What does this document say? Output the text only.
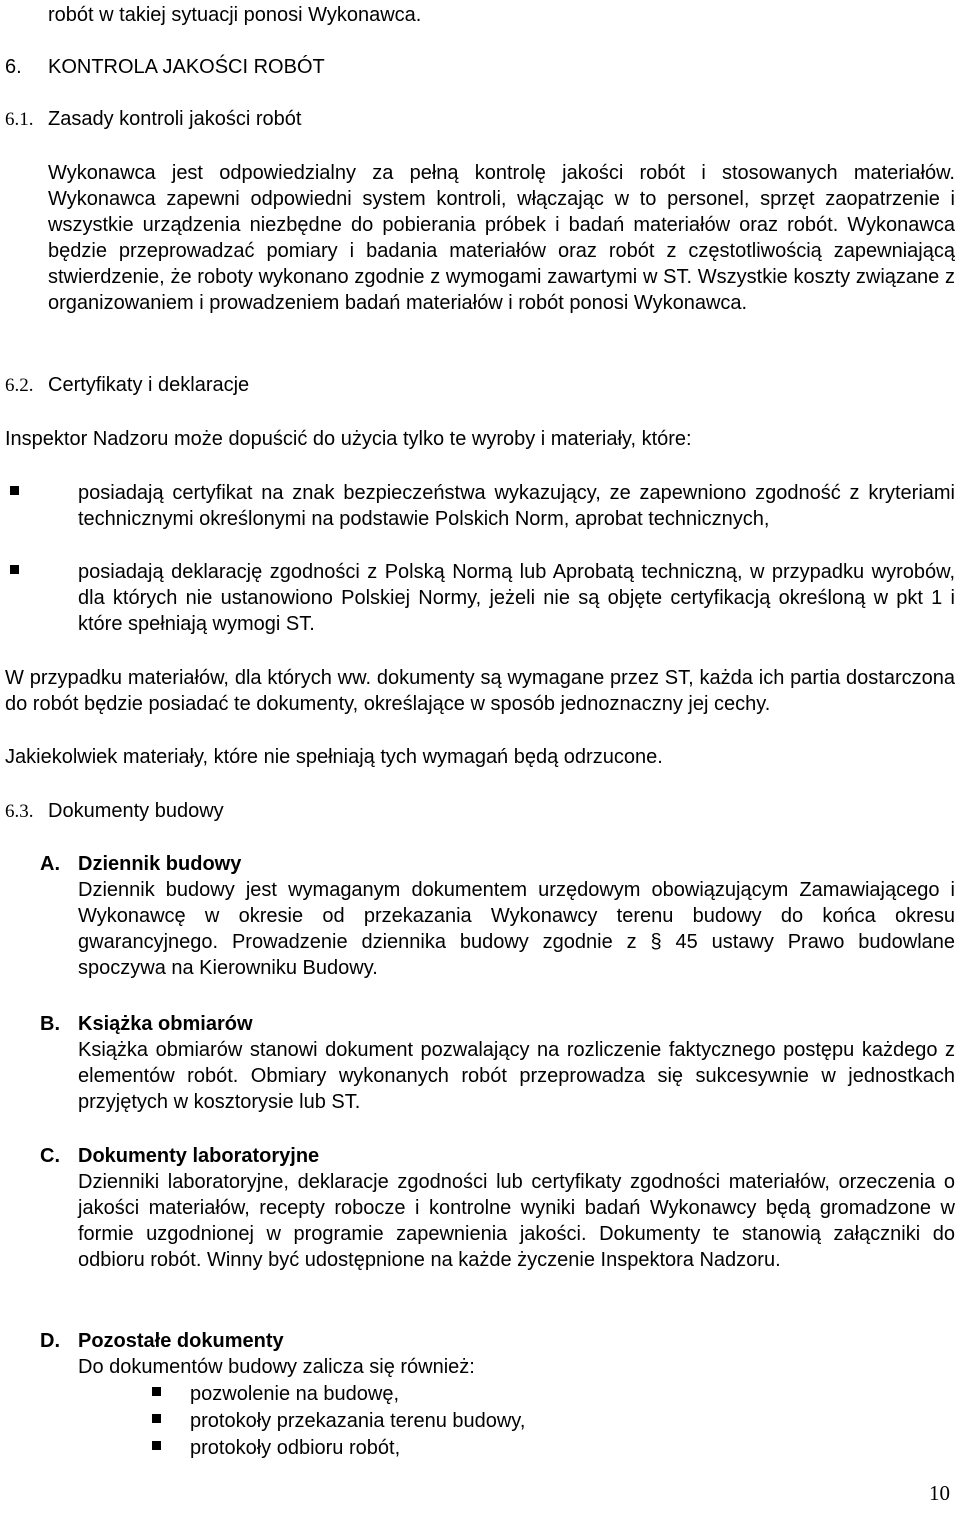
robót w takiej sytuacji ponosi Wykonawca.
6. KONTROLA JAKOŚCI ROBÓT
6.1. Zasady kontroli jakości robót

Wykonawca jest odpowiedzialny za pełną kontrolę jakości robót i stosowanych materiałów. Wykonawca zapewni odpowiedni system kontroli, włączając w to personel, sprzęt zaopatrzenie i wszystkie urządzenia niezbędne do pobierania próbek i badań materiałów oraz robót. Wykonawca będzie przeprowadzać pomiary i badania materiałów oraz robót z częstotliwością zapewniającą stwierdzenie, że roboty wykonano zgodnie z wymogami zawartymi w ST. Wszystkie koszty związane z organizowaniem i prowadzeniem badań materiałów i robót ponosi Wykonawca.

6.2. Certyfikaty i deklaracje
Inspektor Nadzoru może dopuścić do użycia tylko te wyroby i materiały, które:

posiadają certyfikat na znak bezpieczeństwa wykazujący, ze zapewniono zgodność z kryteriami technicznymi określonymi na podstawie Polskich Norm, aprobat technicznych,

posiadają deklarację zgodności z Polską Normą lub Aprobatą techniczną, w przypadku wyrobów, dla których nie ustanowiono Polskiej Normy, jeżeli nie są objęte certyfikacją określoną w pkt 1 i które spełniają wymogi ST.

W przypadku materiałów, dla których ww. dokumenty są wymagane przez ST, każda ich partia dostarczona do robót będzie posiadać te dokumenty, określające w sposób jednoznaczny jej cechy.

Jakiekolwiek materiały, które nie spełniają tych wymagań będą odrzucone.

6.3. Dokumenty budowy
A. Dziennik budowy

Dziennik budowy jest wymaganym dokumentem urzędowym obowiązującym Zamawiającego i Wykonawcę w okresie od przekazania Wykonawcy terenu budowy do końca okresu gwarancyjnego. Prowadzenie dziennika budowy zgodnie z § 45 ustawy Prawo budowlane spoczywa na Kierowniku Budowy.

B. Książka obmiarów

Książka obmiarów stanowi dokument pozwalający na rozliczenie faktycznego postępu każdego z elementów robót. Obmiary wykonanych robót przeprowadza się sukcesywnie w jednostkach przyjętych w kosztorysie lub ST.

C. Dokumenty laboratoryjne

Dzienniki laboratoryjne, deklaracje zgodności lub certyfikaty zgodności materiałów, orzeczenia o jakości materiałów, recepty robocze i kontrolne wyniki badań Wykonawcy będą gromadzone w formie uzgodnionej w programie zapewnienia jakości. Dokumenty te stanowią załączniki do odbioru robót. Winny być udostępnione na każde życzenie Inspektora Nadzoru.

D. Pozostałe dokumenty
Do dokumentów budowy zalicza się również:
pozwolenie na budowę,
protokoły przekazania terenu budowy,
protokoły odbioru robót,
10
